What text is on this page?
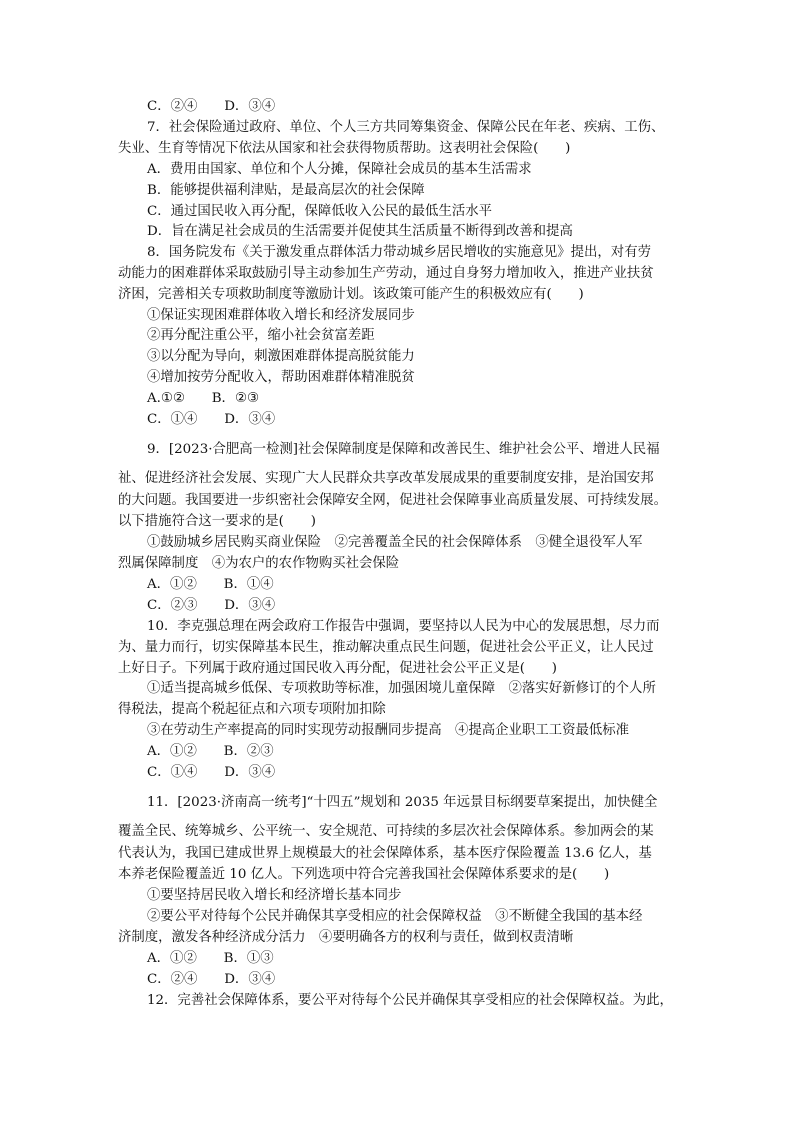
C．②④　　D．③④
7．社会保险通过政府、单位、个人三方共同筹集资金、保障公民在年老、疾病、工伤、
失业、生育等情况下依法从国家和社会获得物质帮助。这表明社会保险(　　)
A．费用由国家、单位和个人分摊，保障社会成员的基本生活需求
B．能够提供福利津贴，是最高层次的社会保障
C．通过国民收入再分配，保障低收入公民的最低生活水平
D．旨在满足社会成员的生活需要并促使其生活质量不断得到改善和提高
8．国务院发布《关于激发重点群体活力带动城乡居民增收的实施意见》提出，对有劳
动能力的困难群体采取鼓励引导主动参加生产劳动，通过自身努力增加收入，推进产业扶贫
济困，完善相关专项救助制度等激励计划。该政策可能产生的积极效应有(　　)
①保证实现困难群体收入增长和经济发展同步
②再分配注重公平，缩小社会贫富差距
③以分配为导向，刺激困难群体提高脱贫能力
④增加按劳分配收入，帮助困难群体精准脱贫
A.①②　　B．②③
C．①④　　D．③④
9．[2023·合肥高一检测]社会保障制度是保障和改善民生、维护社会公平、增进人民福
祉、促进经济社会发展、实现广大人民群众共享改革发展成果的重要制度安排，是治国安邦
的大问题。我国要进一步织密社会保障安全网，促进社会保障事业高质量发展、可持续发展。
以下措施符合这一要求的是(　　)
①鼓励城乡居民购买商业保险　②完善覆盖全民的社会保障体系　③健全退役军人军
烈属保障制度　④为农户的农作物购买社会保险
A．①②　　B．①④
C．②③　　D．③④
10．李克强总理在两会政府工作报告中强调，要坚持以人民为中心的发展思想，尽力而
为、量力而行，切实保障基本民生，推动解决重点民生问题，促进社会公平正义，让人民过
上好日子。下列属于政府通过国民收入再分配，促进社会公平正义是(　　)
①适当提高城乡低保、专项救助等标准，加强困境儿童保障　②落实好新修订的个人所
得税法，提高个税起征点和六项专项附加扣除
③在劳动生产率提高的同时实现劳动报酬同步提高　④提高企业职工工资最低标准
A．①②　　B．②③
C．①④　　D．③④
11．[2023·济南高一统考]“十四五”规划和 2035 年远景目标纲要草案提出，加快健全
覆盖全民、统筹城乡、公平统一、安全规范、可持续的多层次社会保障体系。参加两会的某
代表认为，我国已建成世界上规模最大的社会保障体系，基本医疗保险覆盖 13.6 亿人，基
本养老保险覆盖近 10 亿人。下列选项中符合完善我国社会保障体系要求的是(　　)
①要坚持居民收入增长和经济增长基本同步
②要公平对待每个公民并确保其享受相应的社会保障权益　③不断健全我国的基本经
济制度，激发各种经济成分活力　④要明确各方的权利与责任，做到权责清晰
A．①②　　B．①③
C．②④　　D．③④
12．完善社会保障体系，要公平对待每个公民并确保其享受相应的社会保障权益。为此，
